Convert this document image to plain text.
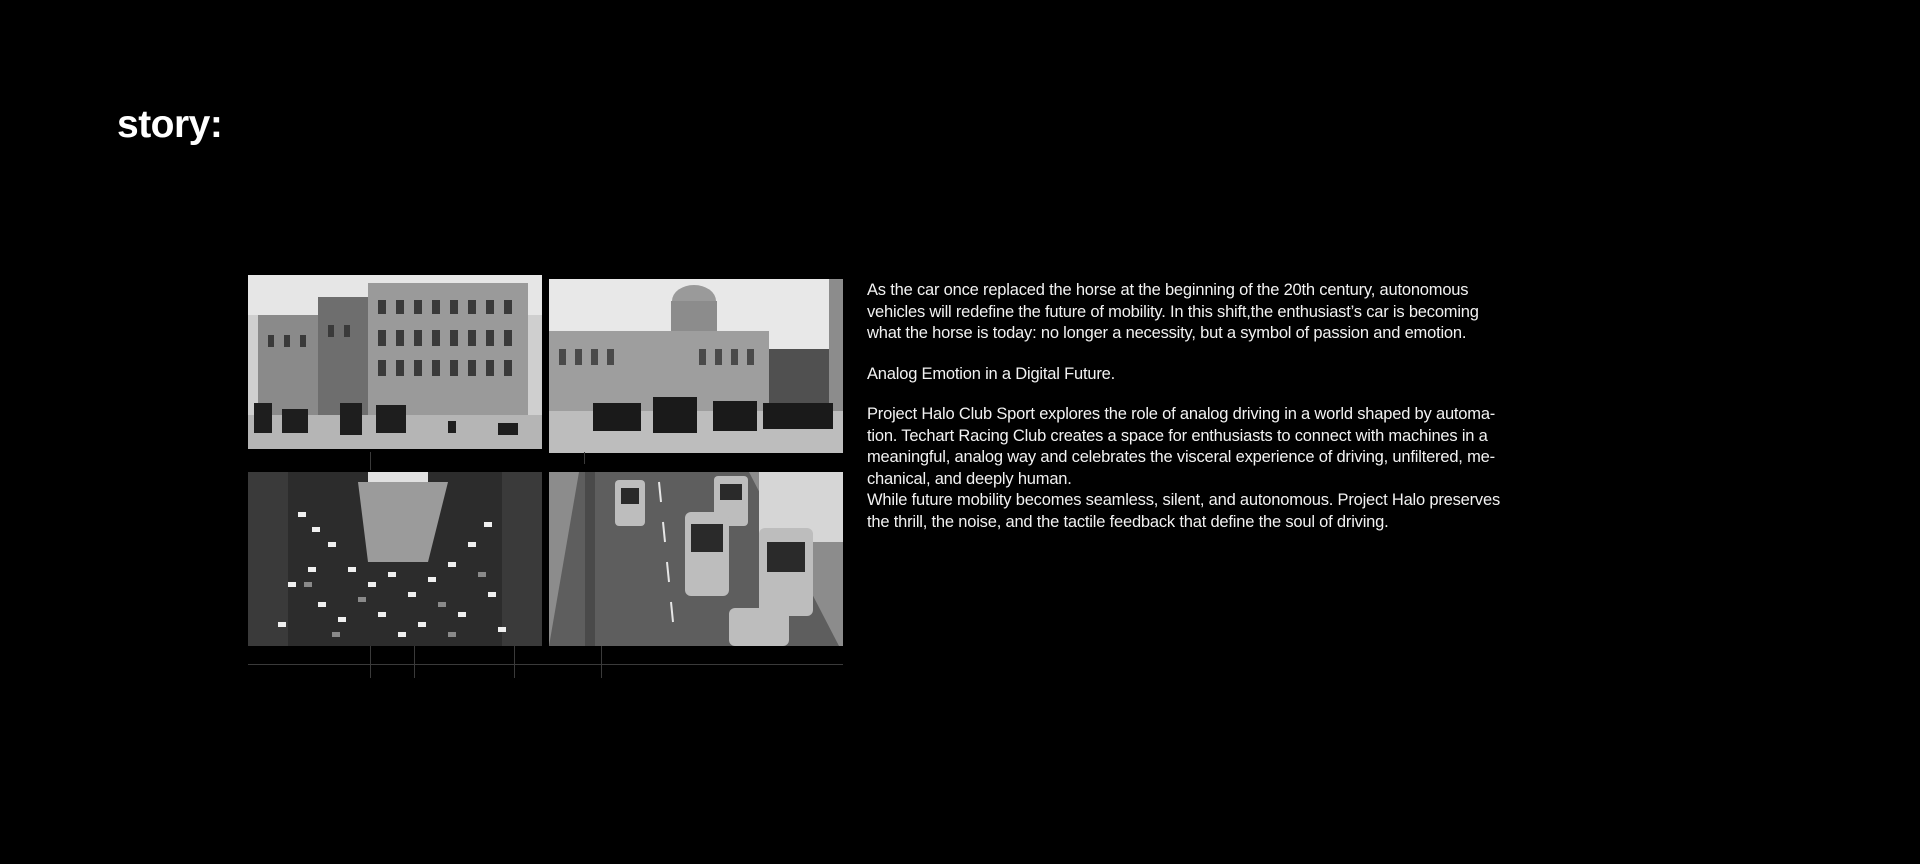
story:

As the car once replaced the horse at the beginning of the 20th century, autonomous
vehicles will redefine the future of mobility. In this shift,the enthusiast’s car is becoming
what the horse is today: no longer a necessity, but a symbol of passion and emotion.

Analog Emotion in a Digital Future.

Project Halo Club Sport explores the role of analog driving in a world shaped by automa-
tion. Techart Racing Club creates a space for enthusiasts to connect with machines in a
meaningful, analog way and celebrates the visceral experience of driving, unfiltered, me-
chanical, and deeply human.
While future mobility becomes seamless, silent, and autonomous. Project Halo preserves
the thrill, the noise, and the tactile feedback that define the soul of driving.
